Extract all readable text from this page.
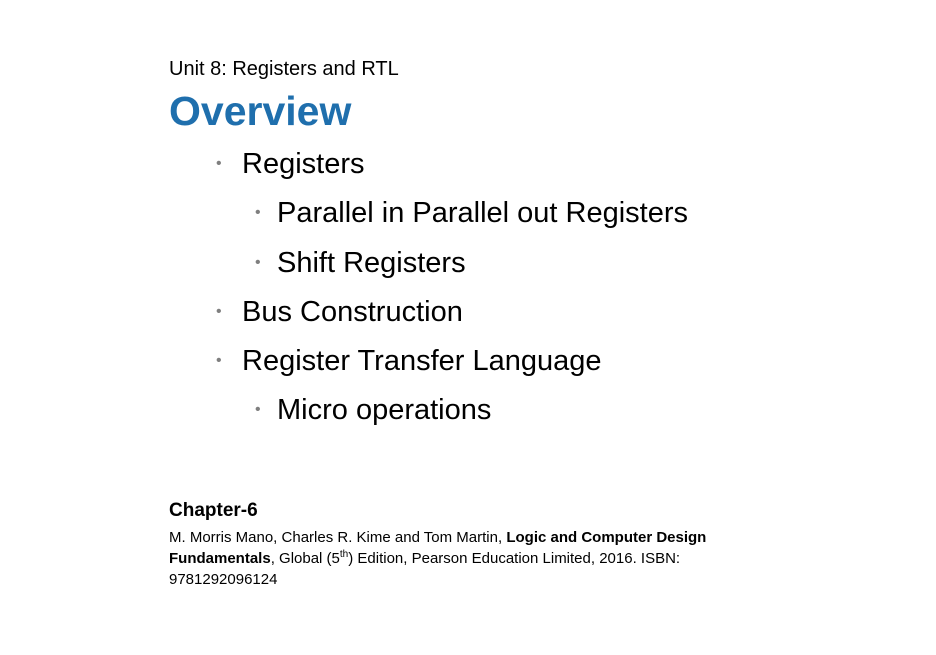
Unit 8: Registers and RTL
Overview
• Registers
• Parallel in Parallel out Registers
• Shift Registers
• Bus Construction
• Register Transfer Language
• Micro operations
Chapter-6
M. Morris Mano, Charles R. Kime and Tom Martin, Logic and Computer Design
Fundamentals, Global (5th) Edition, Pearson Education Limited, 2016. ISBN:
9781292096124
